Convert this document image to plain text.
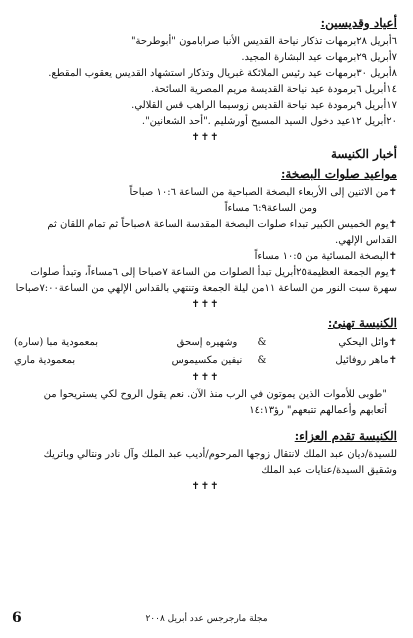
أعياد وقديسين:
٦أبريل ٢٨برمهات تذكار نياحة القديس الأنبا صرابامون "أبوطرحة"
٧أبريل ٢٩برمهات عيد البشارة المجيد.
٨أبريل ٣٠برمهات عيد رئيس الملائكة غبريال وتذكار استشهاد القديس يعقوب المقطع.
١٤أبريل ٦برمودة عيد نياحة القديسة مريم المصرية السائحة.
١٧أبريل ٩برمودة عيد نياحة القديس زوسيما الراهب قس القلالي.
٢٠أبريل ١٢عيد دخول السيد المسيح أورشليم ."أحد الشعانين".
✝✝✝
أخبار الكنيسة
مواعيد صلوات البصخة:
✝من الاثنين إلى الأربعاء البصخة الصباحية من الساعة ١٠:٦ صباحاً
ومن الساعة٦:٩ مساءاً
✝يوم الخميس الكبير تبداء صلوات البصخة المقدسة الساعة ٨صباحاً ثم تمام اللقان ثم القداس الإلهي.
✝البصخة المسائية من ١٠:٥ مساءاً
✝يوم الجمعة العظيمة٢٥أبريل تبدأ الصلوات من الساعة ٧صباحا إلى ٦مساءاً، وتبدأ صلوات سهرة سبت النور من الساعة ١١من ليلة الجمعة وتنتهي بالقداس الإلهي من الساعة٧:٠٠صباحا
✝✝✝
الكنيسة تهنئ:
✝وائل اليحكي
&
وشهيره إسحق
بمعمودية مبا (ساره)
✝ماهر روفائيل
&
نيفين مكسيموس
بمعمودية ماري
✝✝✝
"طوبى للأموات الذين يموتون في الرب منذ الآن. نعم يقول الروح لكي يستريحوا من أتعابهم وأعمالهم تتبعهم" رؤ١٤:١٣
الكنيسة تقدم العزاء:
للسيدة/ديان عبد الملك لانتقال زوجها المرحوم/أديب عبد الملك وآل نادر ونتالي وباتريك وشقيق السيدة/عنايات عبد الملك
✝✝✝
6	مجلة مارجرجس عدد أبريل ٢٠٠٨
